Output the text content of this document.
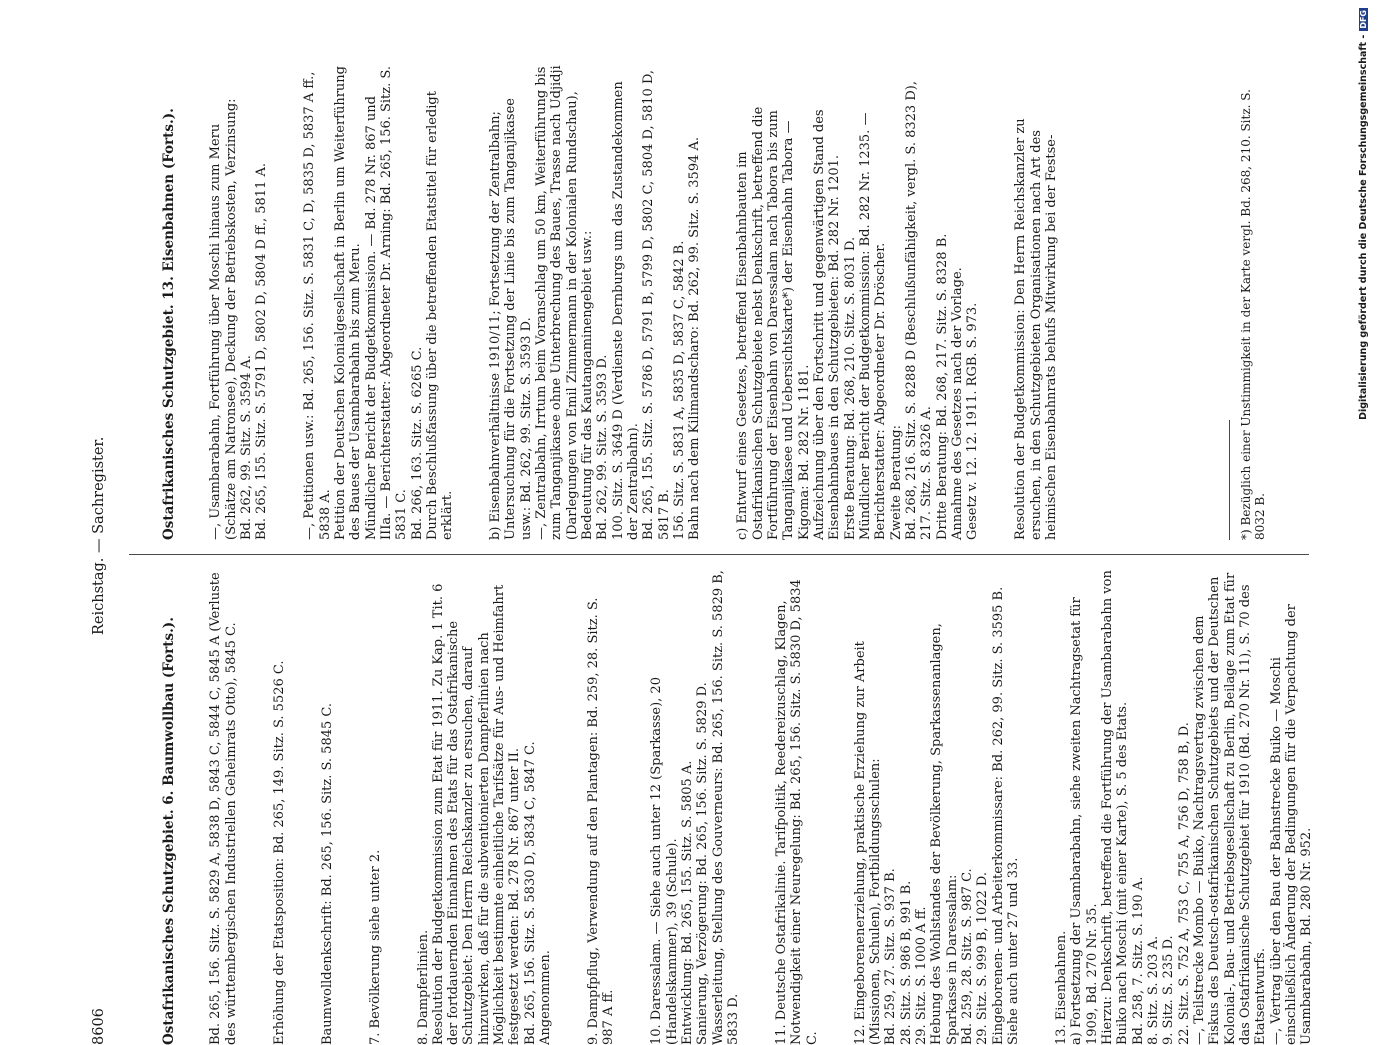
8606
Reichstag. — Sachregister.

Ostafrikanisches Schutzgebiet. 6. Baumwollbau (Forts.).

Bd. 265, 156. Sitz. S. 5829 A, 5838 D, 5843 C, 5844 C, 5845 A (Verluste des württembergischen Industriellen Geheimrats Otto), 5845 C.

	Erhöhung der Etatsposition: Bd. 265, 149. Sitz. S. 5526 C.

	Baumwolldenkschrift: Bd. 265, 156. Sitz. S. 5845 C.

	7. Bevölkerung siehe unter 2.

	8. Dampferlinien.
Resolution der Budgetkommission zum Etat für 1911. Zu Kap. 1 Tit. 6 der fortdauernden Einnahmen des Etats für das Ostafrikanische Schutzgebiet: Den Herrn Reichskanzler zu ersuchen, darauf hinzuwirken, daß für die subventionierten Dampferlinien nach Möglichkeit bestimmte einheitliche Tarifsätze für Aus- und Heimfahrt festgesetzt werden: Bd. 278 Nr. 867 unter II.
Bd. 265, 156. Sitz. S. 5830 D, 5834 C, 5847 C.
Angenommen.

	9. Dampfpflug, Verwendung auf den Plantagen: Bd. 259, 28. Sitz. S. 987 A ff.

	10. Daressalam. — Siehe auch unter 12 (Sparkasse), 20 (Handelskammer), 39 (Schule).
Entwicklung: Bd. 265, 155. Sitz. S. 5805 A.
Sanierung, Verzögerung: Bd. 265, 156. Sitz. S. 5829 D.
Wasserleitung, Stellung des Gouverneurs: Bd. 265, 156. Sitz. S. 5829 B, 5833 D.

	11. Deutsche Ostafrikalinie. Tarifpolitik, Reedereizuschlag, Klagen, Notwendigkeit einer Neuregelung: Bd. 265, 156. Sitz. S. 5830 D, 5834 C.

	12. Eingeborenenerziehung, praktische Erziehung zur Arbeit (Missionen, Schulen), Fortbildungsschulen:
Bd. 259, 27. Sitz. S. 937 B.
28. Sitz. S. 986 B, 991 B.
29. Sitz. S. 1000 A ff.
Hebung des Wohlstandes der Bevölkerung, Sparkassenanlagen, Sparkasse in Daressalam:
Bd. 259, 28. Sitz. S. 987 C.
29. Sitz. S. 999 B, 1022 D.
Eingeborenen- und Arbeiterkommissare: Bd. 262, 99. Sitz. S. 3595 B.
Siehe auch unter 27 und 33.

13. Eisenbahnen.
a) Fortsetzung der Usambarabahn, siehe zweiten Nachtragsetat für 1909, Bd. 270 Nr. 35.
Hierzu: Denkschrift, betreffend die Fortführung der Usambarabahn von Buiko nach Moschi (mit einer Karte), S. 5 des Etats.
Bd. 258, 7. Sitz. S. 190 A.
8. Sitz. S. 203 A.
9. Sitz. S. 235 D.
22. Sitz. S. 752 A, 753 C, 755 A, 756 D, 758 B, D.
—, Teilstrecke Mombo — Buiko, Nachtragsvertrag zwischen dem Fiskus des Deutsch-ostafrikanischen Schutzgebiets und der Deutschen Kolonial-, Bau- und Betriebsgesellschaft zu Berlin, Beilage zum Etat für das Ostafrikanische Schutzgebiet für 1910 (Bd. 270 Nr. 11), S. 70 des Etatsentwurfs.
—, Vertrag über den Bau der Bahnstrecke Buiko — Moschi einschließlich Änderung der Bedingungen für die Verpachtung der Usambarabahn, Bd. 280 Nr. 952.

Ostafrikanisches Schutzgebiet. 13. Eisenbahnen (Forts.).

—, Usambarabahn, Fortführung über Moschi hinaus zum Meru (Schätze am Natronsee), Deckung der Betriebskosten, Verzinsung:
Bd. 262, 99. Sitz. S. 3594 A.
Bd. 265, 155. Sitz. S. 5791 D, 5802 D, 5804 D ff., 5811 A.

—, Petitionen usw.: Bd. 265, 156. Sitz. S. 5831 C, D, 5835 D, 5837 A ff., 5838 A.
Petition der Deutschen Kolonialgesellschaft in Berlin um Weiterführung des Baues der Usambarabahn bis zum Meru.
Mündlicher Bericht der Budgetkommission. — Bd. 278 Nr. 867 und IIIa. — Berichterstatter: Abgeordneter Dr. Arning: Bd. 265, 156. Sitz. S. 5831 C.
Bd. 266, 163. Sitz. S. 6265 C.
Durch Beschlußfassung über die betreffenden Etatstitel für erledigt erklärt.

	b) Eisenbahnverhältnisse 1910/11; Fortsetzung der Zentralbahn; Untersuchung für die Fortsetzung der Linie bis zum Tanganjikasee usw.: Bd. 262, 99. Sitz. S. 3593 D.
—, Zentralbahn, Irrtum beim Voranschlag um 50 km, Weiterführung bis zum Tanganjikasee ohne Unterbrechung des Baues, Trasse nach Udjidji (Darlegungen von Emil Zimmermann in der Kolonialen Rundschau), Bedeutung für das Kautangaminengebiet usw.:
Bd. 262, 99. Sitz. S. 3593 D.
100. Sitz. S. 3649 D (Verdienste Dernburgs um das Zustandekommen der Zentralbahn).
Bd. 265, 155. Sitz. S. 5786 D, 5791 B, 5799 D, 5802 C, 5804 D, 5810 D, 5817 B.
156. Sitz. S. 5831 A, 5835 D, 5837 C, 5842 B.
Bahn nach dem Kilimandscharo: Bd. 262, 99. Sitz. S. 3594 A.

c) Entwurf eines Gesetzes, betreffend Eisenbahnbauten im Ostafrikanischen Schutzgebiete nebst Denkschrift, betreffend die Fortführung der Eisenbahn von Daressalam nach Tabora bis zum Tanganjikasee und Uebersichtskarte*) der Eisenbahn Tabora — Kigoma: Bd. 282 Nr. 1181.
Aufzeichnung über den Fortschritt und gegenwärtigen Stand des Eisenbahnbaues in den Schutzgebieten: Bd. 282 Nr. 1201.
Erste Beratung: Bd. 268, 210. Sitz. S. 8031 D.
Mündlicher Bericht der Budgetkommission: Bd. 282 Nr. 1235. — Berichterstatter: Abgeordneter Dr. Dröscher.
Zweite Beratung:
Bd. 268, 216. Sitz. S. 8288 D (Beschlußunfähigkeit, vergl. S. 8323 D),
217. Sitz. S. 8326 A.
Dritte Beratung: Bd. 268, 217. Sitz. S. 8328 B.
Annahme des Gesetzes nach der Vorlage.
Gesetz v. 12. 12. 1911. RGB. S. 973.

	Resolution der Budgetkommission: Den Herrn Reichskanzler zu ersuchen, in den Schutzgebieten Organisationen nach Art des heimischen Eisenbahnrats behufs Mitwirkung bei der Festse-

	*) Bezüglich einer Unstimmigkeit in der Karte vergl. Bd. 268, 210. Sitz. S. 8032 B.
Digitalisierung gefördert durch die Deutsche Forschungsgemeinschaft -DFG
